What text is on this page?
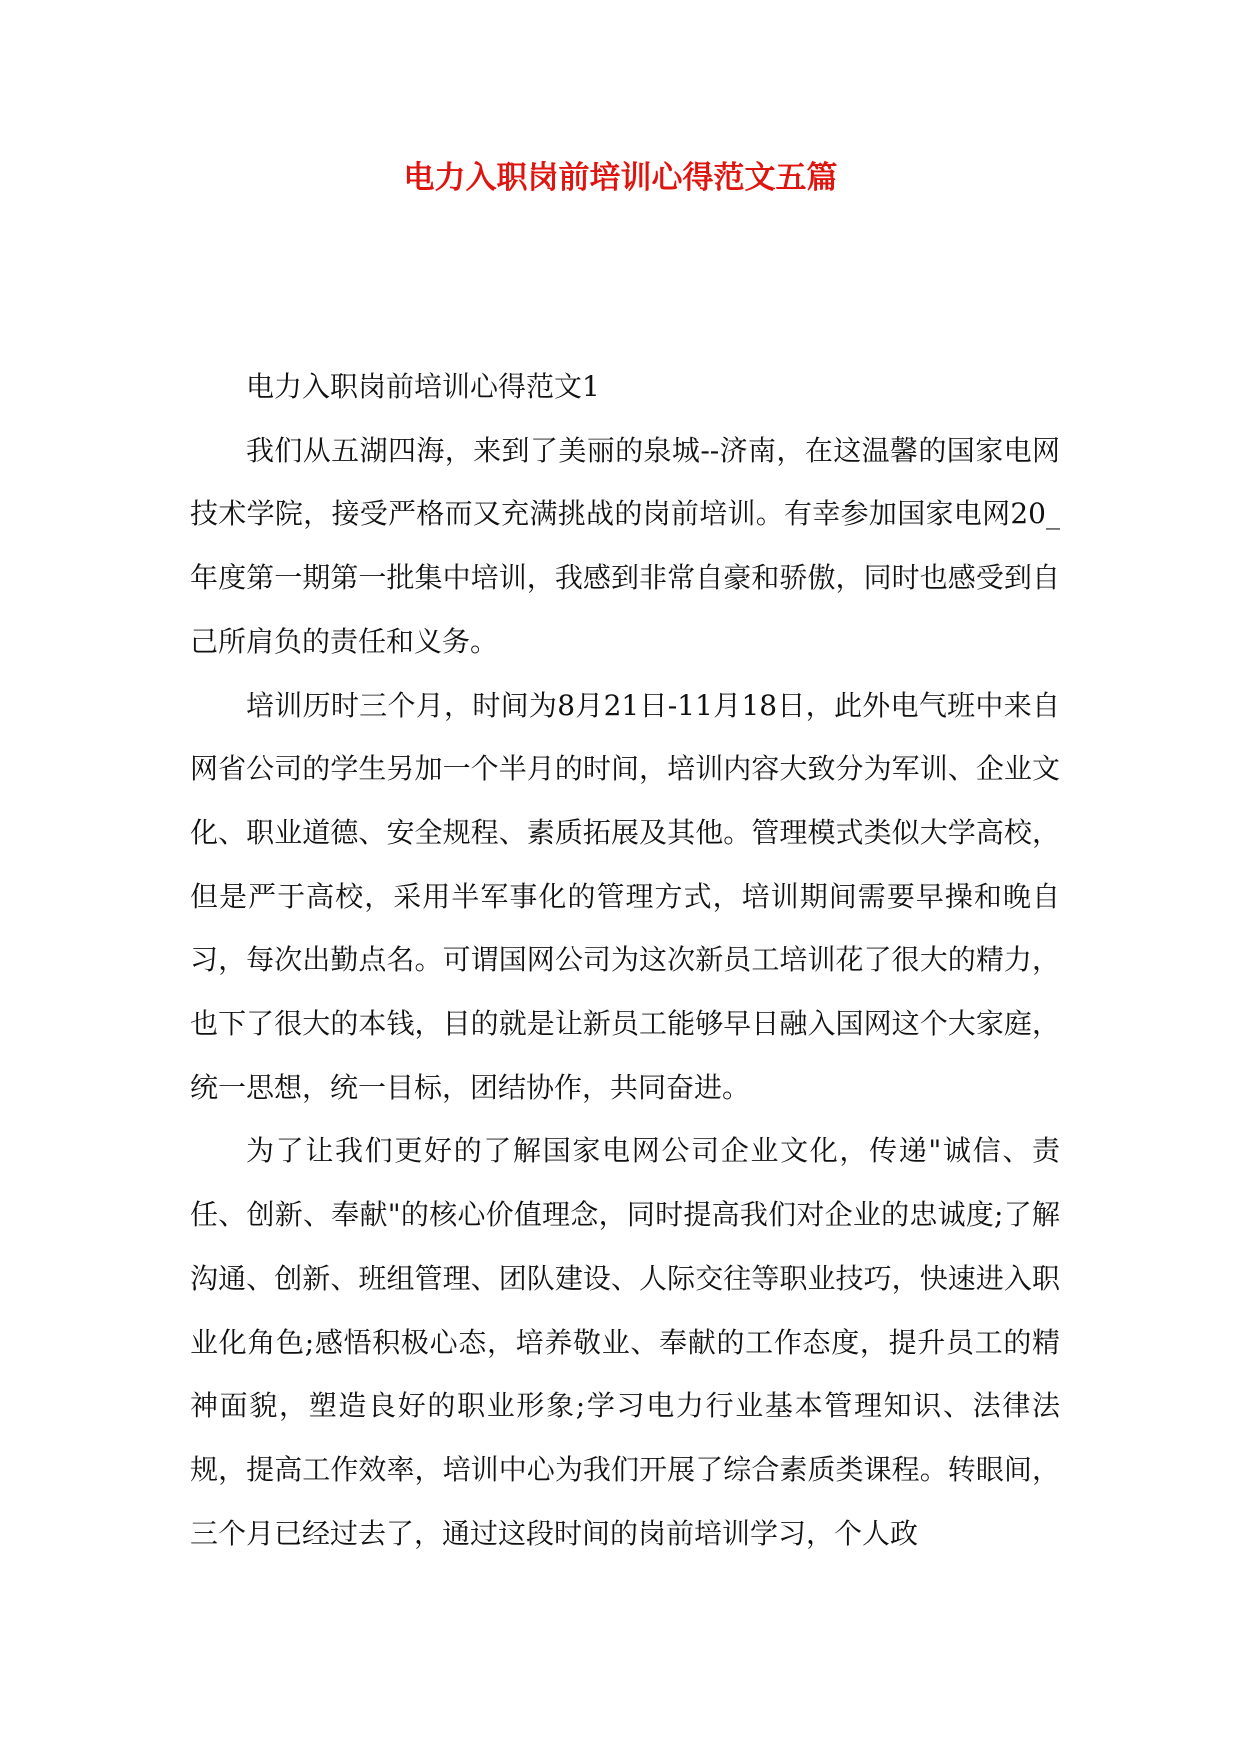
电力入职岗前培训心得范文五篇

电力入职岗前培训心得范文1

我们从五湖四海，来到了美丽的泉城--济南，在这温馨的国家电网技术学院，接受严格而又充满挑战的岗前培训。有幸参加国家电网20_年度第一期第一批集中培训，我感到非常自豪和骄傲，同时也感受到自己所肩负的责任和义务。

培训历时三个月，时间为8月21日-11月18日，此外电气班中来自网省公司的学生另加一个半月的时间，培训内容大致分为军训、企业文化、职业道德、安全规程、素质拓展及其他。管理模式类似大学高校，但是严于高校，采用半军事化的管理方式，培训期间需要早操和晚自习，每次出勤点名。可谓国网公司为这次新员工培训花了很大的精力，也下了很大的本钱，目的就是让新员工能够早日融入国网这个大家庭，统一思想，统一目标，团结协作，共同奋进。

为了让我们更好的了解国家电网公司企业文化，传递"诚信、责任、创新、奉献"的核心价值理念，同时提高我们对企业的忠诚度;了解沟通、创新、班组管理、团队建设、人际交往等职业技巧，快速进入职业化角色;感悟积极心态，培养敬业、奉献的工作态度，提升员工的精神面貌，塑造良好的职业形象;学习电力行业基本管理知识、法律法规，提高工作效率，培训中心为我们开展了综合素质类课程。转眼间，三个月已经过去了，通过这段时间的岗前培训学习，个人政
